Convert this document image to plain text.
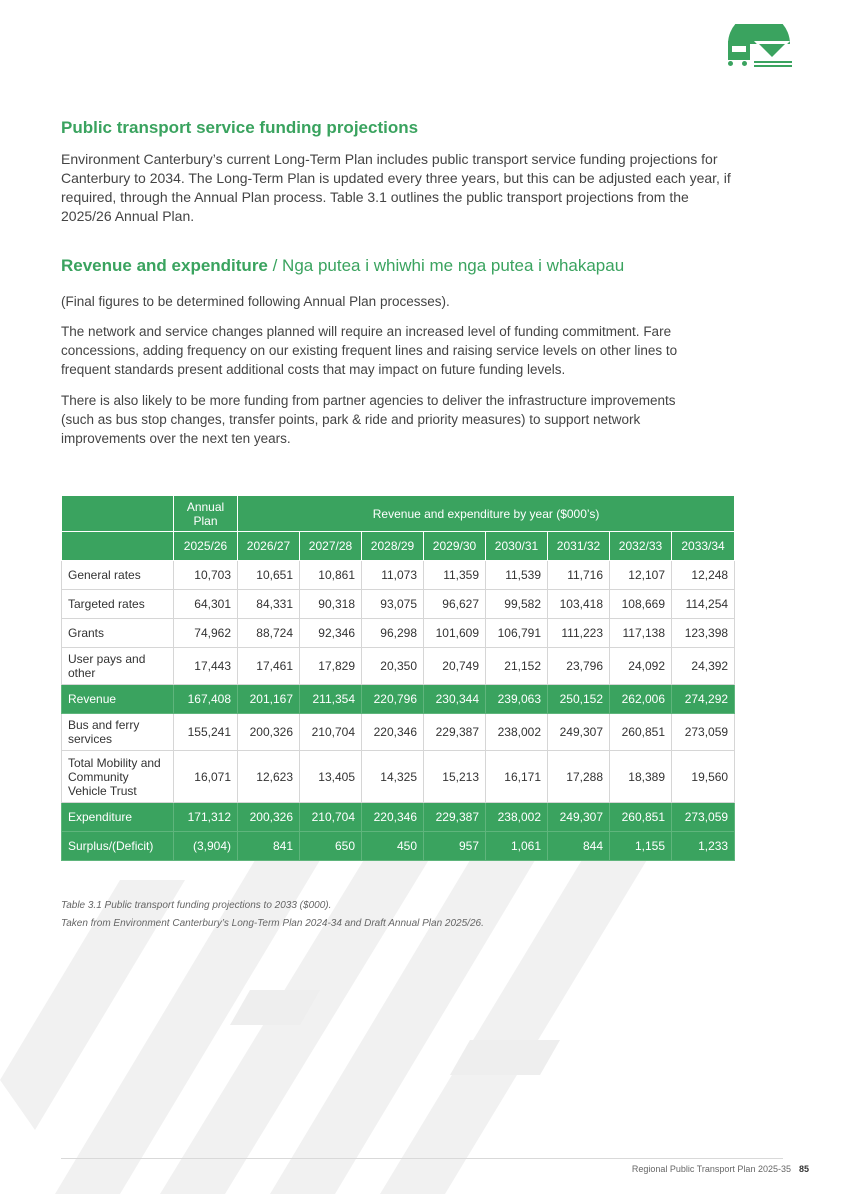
Public transport service funding projections

Environment Canterbury’s current Long-Term Plan includes public transport service funding projections for Canterbury to 2034. The Long-Term Plan is updated every three years, but this can be adjusted each year, if required, through the Annual Plan process. Table 3.1 outlines the public transport projections from the 2025/26 Annual Plan.

Revenue and expenditure / Nga putea i whiwhi me nga putea i whakapau

(Final figures to be determined following Annual Plan processes).

The network and service changes planned will require an increased level of funding commitment. Fare concessions, adding frequency on our existing frequent lines and raising service levels on other lines to frequent standards present additional costs that may impact on future funding levels.

There is also likely to be more funding from partner agencies to deliver the infrastructure improvements (such as bus stop changes, transfer points, park & ride and priority measures) to support network improvements over the next ten years.

	Annual Plan	Revenue and expenditure by year ($000’s)							
	2025/26	2026/27	2027/28	2028/29	2029/30	2030/31	2031/32	2032/33	2033/34
General rates	10,703	10,651	10,861	11,073	11,359	11,539	11,716	12,107	12,248
Targeted rates	64,301	84,331	90,318	93,075	96,627	99,582	103,418	108,669	114,254
Grants	74,962	88,724	92,346	96,298	101,609	106,791	111,223	117,138	123,398
User pays and other	17,443	17,461	17,829	20,350	20,749	21,152	23,796	24,092	24,392
Revenue	167,408	201,167	211,354	220,796	230,344	239,063	250,152	262,006	274,292
Bus and ferry services	155,241	200,326	210,704	220,346	229,387	238,002	249,307	260,851	273,059
Total Mobility and Community Vehicle Trust	16,071	12,623	13,405	14,325	15,213	16,171	17,288	18,389	19,560
Expenditure	171,312	200,326	210,704	220,346	229,387	238,002	249,307	260,851	273,059
Surplus/(Deficit)	(3,904)	841	650	450	957	1,061	844	1,155	1,233

Table 3.1 Public transport funding projections to 2033 ($000).
Taken from Environment Canterbury’s Long-Term Plan 2024-34 and Draft Annual Plan 2025/26.

Regional Public Transport Plan 2025-35 85
